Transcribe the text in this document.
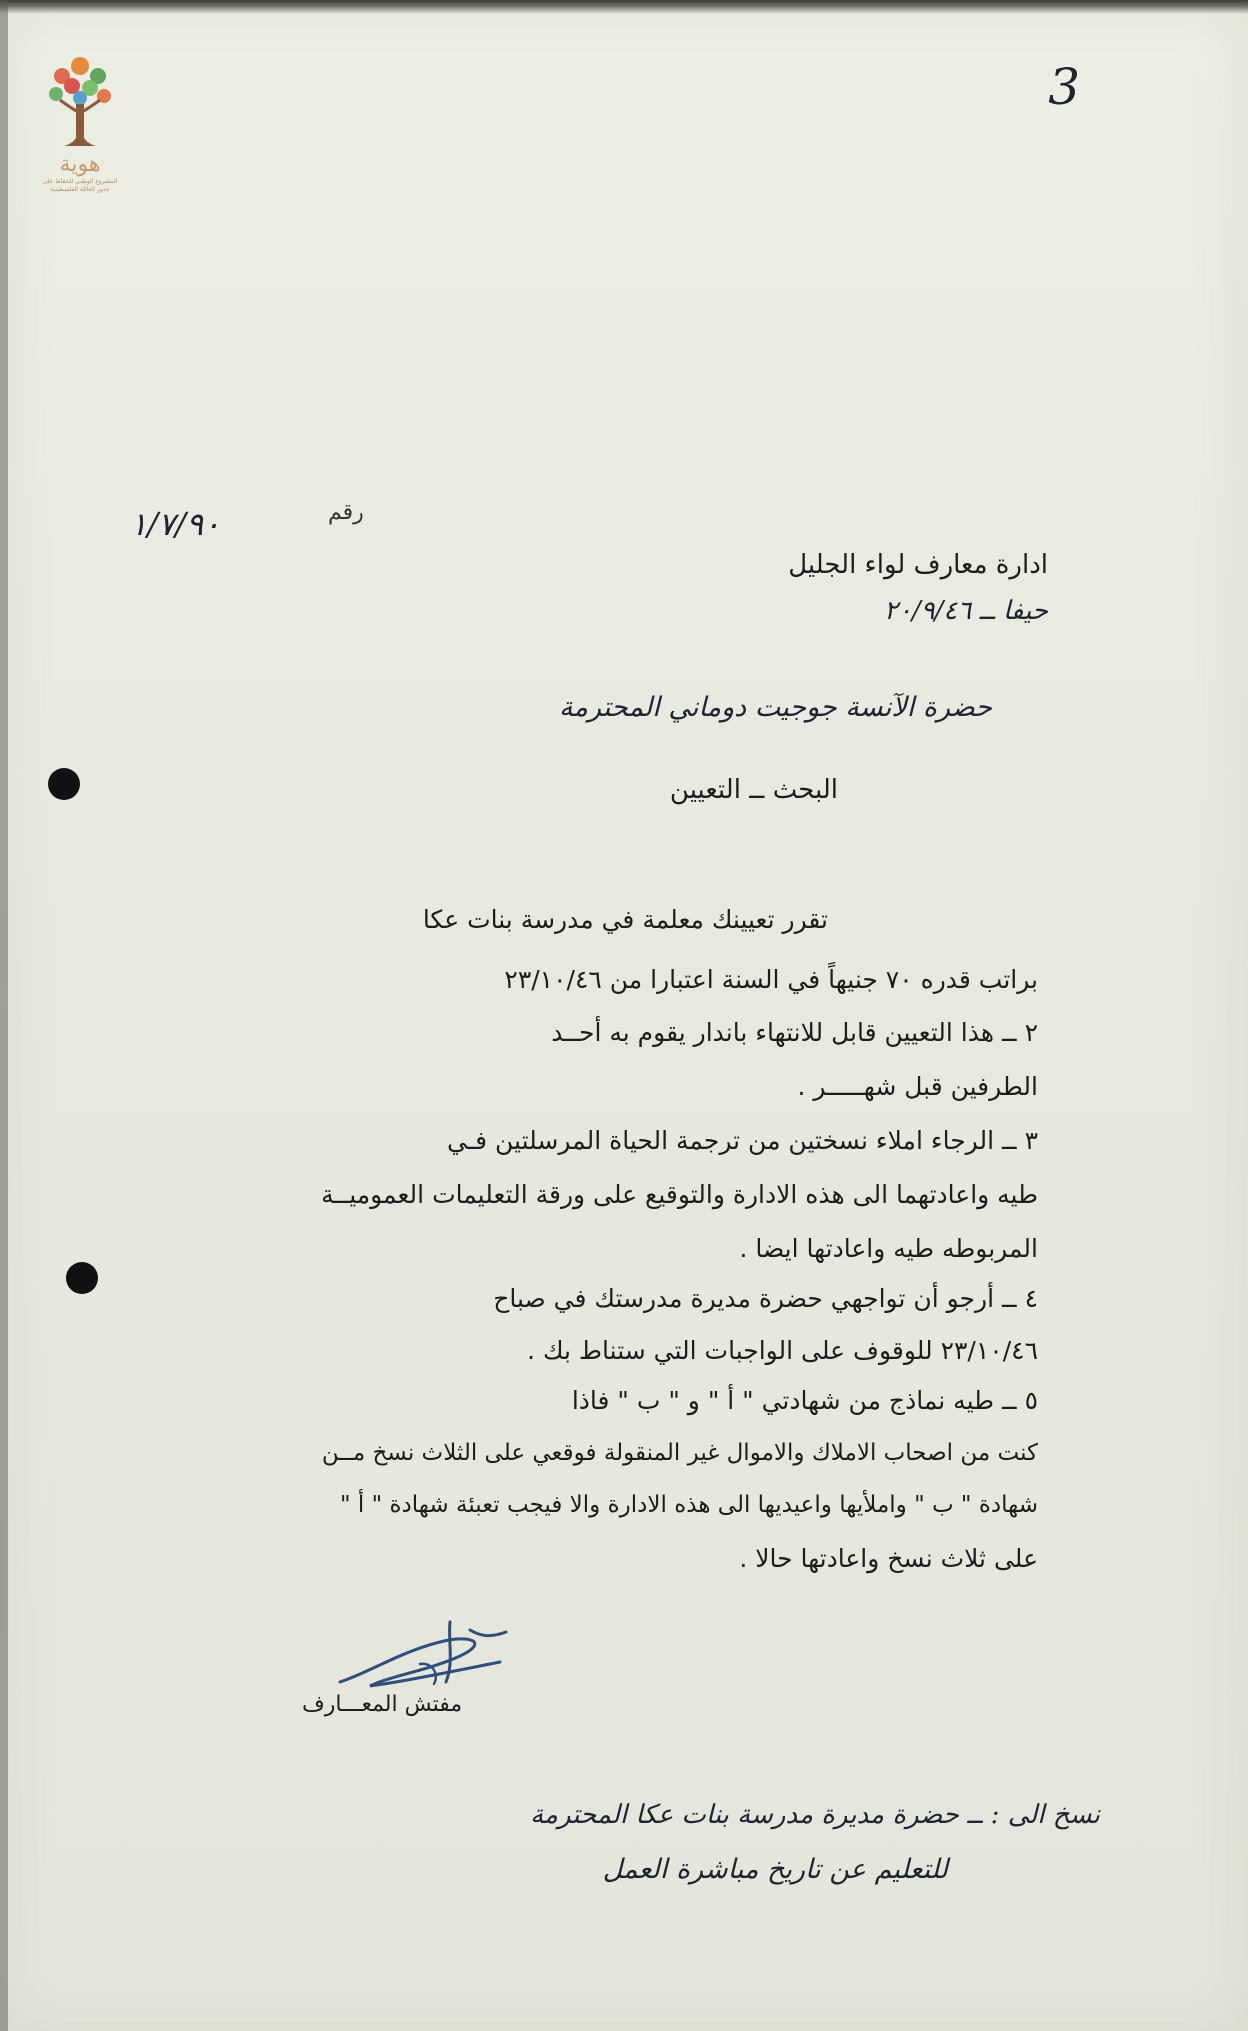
هوية
المشروع الوطني للحفاظ على جذور العائلة الفلسطينية
3
رقم
١/٧/٩٠
ادارة معارف لواء الجليل
حيفا ــ ٢٠/٩/٤٦
حضرة الآنسة جوجيت دوماني المحترمة
البحث ــ التعيين
تقرر تعيينك معلمة في مدرسة بنات عكا
براتب قدره ٧٠ جنيهاً في السنة اعتبارا من ٢٣/١٠/٤٦
٢ ــ هذا التعيين قابل للانتهاء باندار يقوم به أحــد
الطرفين قبل شهـــــر .
٣ ــ الرجاء املاء نسختين من ترجمة الحياة المرسلتين فـي
طيه واعادتهما الى هذه الادارة والتوقيع على ورقة التعليمات العموميــة
المربوطه طيه واعادتها ايضا .
٤ ــ أرجو أن تواجهي حضرة مديرة مدرستك في صباح
٢٣/١٠/٤٦ للوقوف على الواجبات التي ستناط بك .
٥ ــ طيه نماذج من شهادتي " أ " و " ب " فاذا
كنت من اصحاب الاملاك والاموال غير المنقولة فوقعي على الثلاث نسخ مــن
شهادة " ب " واملأيها واعيديها الى هذه الادارة والا فيجب تعبئة شهادة " أ "
على ثلاث نسخ واعادتها حالا .
مفتش المعـــارف
نسخ الى : ــ حضرة مديرة مدرسة بنات عكا المحترمة
للتعليم عن تاريخ مباشرة العمل
